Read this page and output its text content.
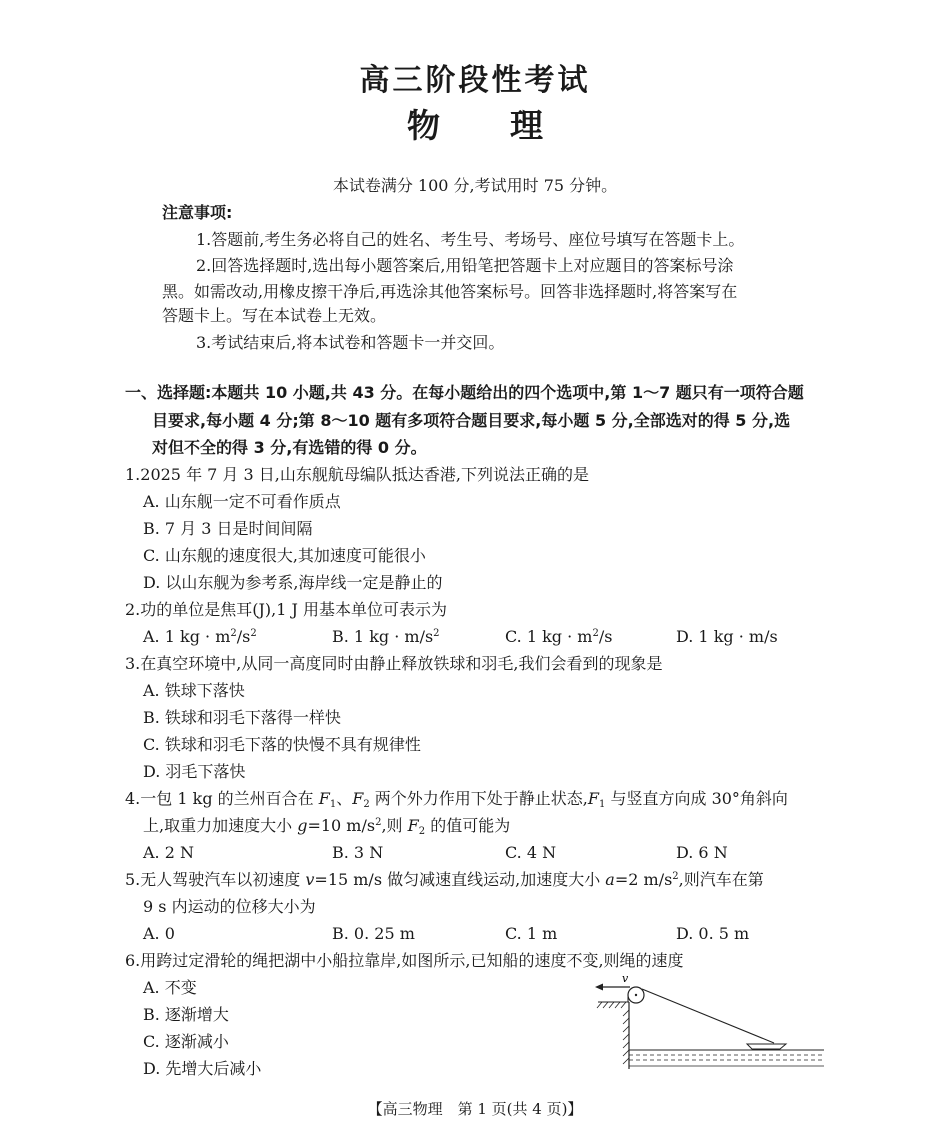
高三阶段性考试
物 理
本试卷满分 100 分,考试用时 75 分钟。
注意事项:
1.答题前,考生务必将自己的姓名、考生号、考场号、座位号填写在答题卡上。
2.回答选择题时,选出每小题答案后,用铅笔把答题卡上对应题目的答案标号涂
黑。如需改动,用橡皮擦干净后,再选涂其他答案标号。回答非选择题时,将答案写在
答题卡上。写在本试卷上无效。
3.考试结束后,将本试卷和答题卡一并交回。
一、选择题:本题共 10 小题,共 43 分。在每小题给出的四个选项中,第 1～7 题只有一项符合题
目要求,每小题 4 分;第 8～10 题有多项符合题目要求,每小题 5 分,全部选对的得 5 分,选
对但不全的得 3 分,有选错的得 0 分。
1.2025 年 7 月 3 日,山东舰航母编队抵达香港,下列说法正确的是
A. 山东舰一定不可看作质点
B. 7 月 3 日是时间间隔
C. 山东舰的速度很大,其加速度可能很小
D. 以山东舰为参考系,海岸线一定是静止的
2.功的单位是焦耳(J),1 J 用基本单位可表示为
A. 1 kg · $m^2/s^2$	B. 1 kg · $m/s^2$	C. 1 kg · $m^2/s$	D. 1 kg · m/s
3.在真空环境中,从同一高度同时由静止释放铁球和羽毛,我们会看到的现象是
A. 铁球下落快
B. 铁球和羽毛下落得一样快
C. 铁球和羽毛下落的快慢不具有规律性
D. 羽毛下落快
4.一包 1 kg 的兰州百合在 $F_1$、$F_2$ 两个外力作用下处于静止状态$,F_1$ 与竖直方向成 30°角斜向
上,取重力加速度大小 g=10 $m/s^2$,则 $F_2$ 的值可能为
A. 2 N	B. 3 N	C. 4 N	D. 6 N
5.无人驾驶汽车以初速度 v=15 m/s 做匀减速直线运动,加速度大小 a=2 $m/s^2$,则汽车在第
9 s 内运动的位移大小为
A. 0	B. 0. 25 m	C. 1 m	D. 0. 5 m
6.用跨过定滑轮的绳把湖中小船拉靠岸,如图所示,已知船的速度不变,则绳的速度
A. 不变
B. 逐渐增大
C. 逐渐减小
D. 先增大后减小
v
【高三物理　第 1 页(共 4 页)】
